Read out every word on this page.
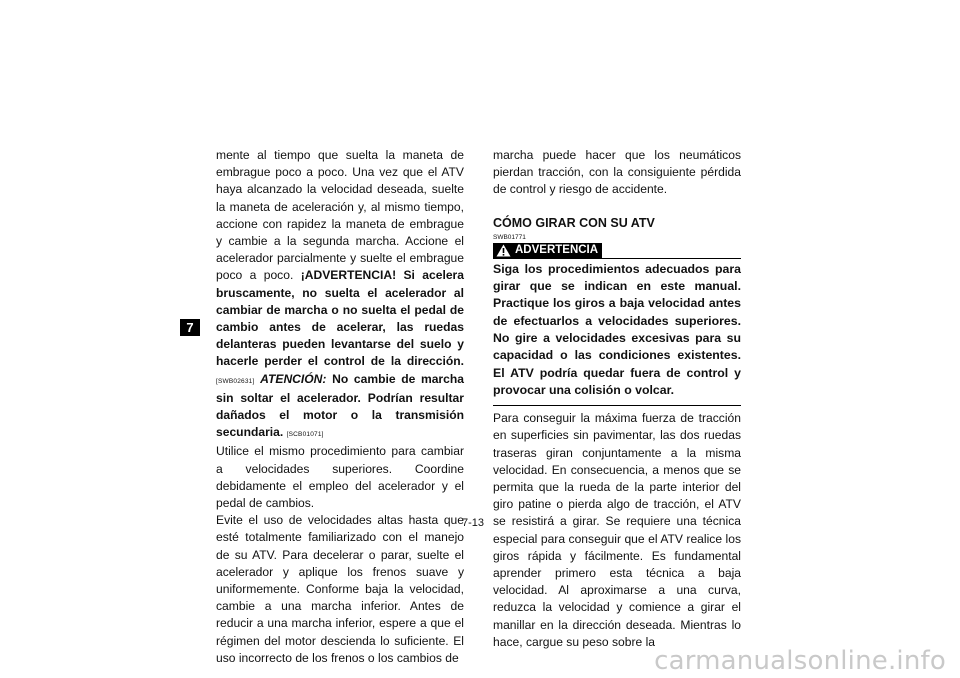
7

mente al tiempo que suelta la maneta de embrague poco a poco. Una vez que el ATV haya alcanzado la velocidad deseada, suelte la maneta de aceleración y, al mismo tiempo, accione con rapidez la maneta de embrague y cambie a la segunda marcha. Accione el acelerador parcialmente y suelte el embrague poco a poco. ¡ADVERTENCIA! Si acelera bruscamente, no suelta el acelerador al cambiar de marcha o no suelta el pedal de cambio antes de acelerar, las ruedas delanteras pueden levantarse del suelo y hacerle perder el control de la dirección. [SWB02631] ATENCIÓN: No cambie de marcha sin soltar el acelerador. Podrían resultar dañados el motor o la transmisión secundaria. [SCB01071]

Utilice el mismo procedimiento para cambiar a velocidades superiores. Coordine debidamente el empleo del acelerador y el pedal de cambios.

Evite el uso de velocidades altas hasta que esté totalmente familiarizado con el manejo de su ATV. Para decelerar o parar, suelte el acelerador y aplique los frenos suave y uniformemente. Conforme baja la velocidad, cambie a una marcha inferior. Antes de reducir a una marcha inferior, espere a que el régimen del motor descienda lo suficiente. El uso incorrecto de los frenos o los cambios de

marcha puede hacer que los neumáticos pierdan tracción, con la consiguiente pérdida de control y riesgo de accidente.

CÓMO GIRAR CON SU ATV
SWB01771
ADVERTENCIA

Siga los procedimientos adecuados para girar que se indican en este manual. Practique los giros a baja velocidad antes de efectuarlos a velocidades superiores. No gire a velocidades excesivas para su capacidad o las condiciones existentes. El ATV podría quedar fuera de control y provocar una colisión o volcar.

Para conseguir la máxima fuerza de tracción en superficies sin pavimentar, las dos ruedas traseras giran conjuntamente a la misma velocidad. En consecuencia, a menos que se permita que la rueda de la parte interior del giro patine o pierda algo de tracción, el ATV se resistirá a girar. Se requiere una técnica especial para conseguir que el ATV realice los giros rápida y fácilmente. Es fundamental aprender primero esta técnica a baja velocidad. Al aproximarse a una curva, reduzca la velocidad y comience a girar el manillar en la dirección deseada. Mientras lo hace, cargue su peso sobre la

7-13
carmanualsonline.info
